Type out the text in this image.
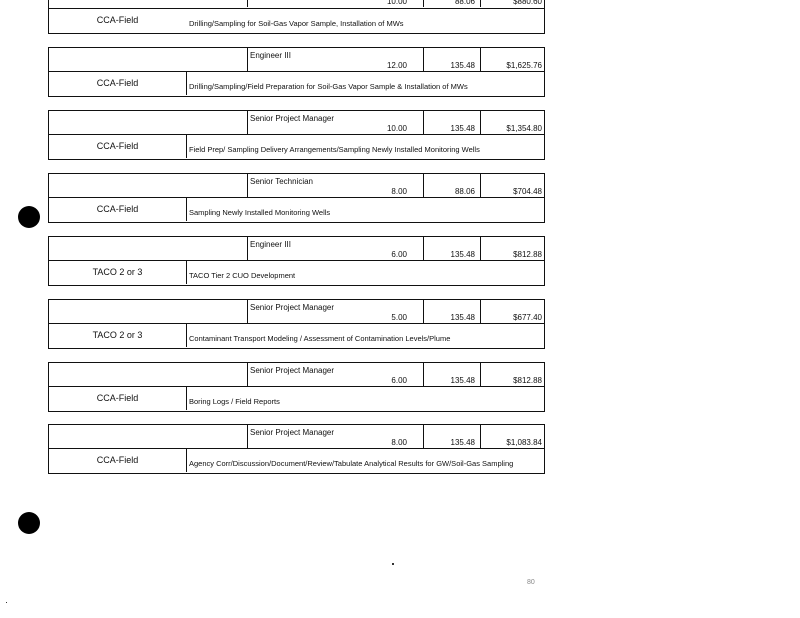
10.00	88.06	$880.60
CCA-Field	Drilling/Sampling for Soil-Gas Vapor Sample, Installation of MWs
Engineer III
12.00	135.48	$1,625.76
CCA-Field	Drilling/Sampling/Field Preparation for Soil-Gas Vapor Sample & Installation of MWs
Senior Project Manager
10.00	135.48	$1,354.80
CCA-Field	Field Prep/ Sampling Delivery Arrangements/Sampling Newly Installed Monitoring Wells
Senior Technician
8.00	88.06	$704.48
CCA-Field	Sampling Newly Installed Monitoring Wells
Engineer III
6.00	135.48	$812.88
TACO 2 or 3	TACO Tier 2 CUO Development
Senior Project Manager
5.00	135.48	$677.40
TACO 2 or 3	Contaminant Transport Modeling / Assessment of Contamination Levels/Plume
Senior Project Manager
6.00	135.48	$812.88
CCA-Field	Boring Logs / Field Reports
Senior Project Manager
8.00	135.48	$1,083.84
CCA-Field	Agency Corr/Discussion/Document/Review/Tabulate Analytical Results for GW/Soil-Gas Sampling
80
